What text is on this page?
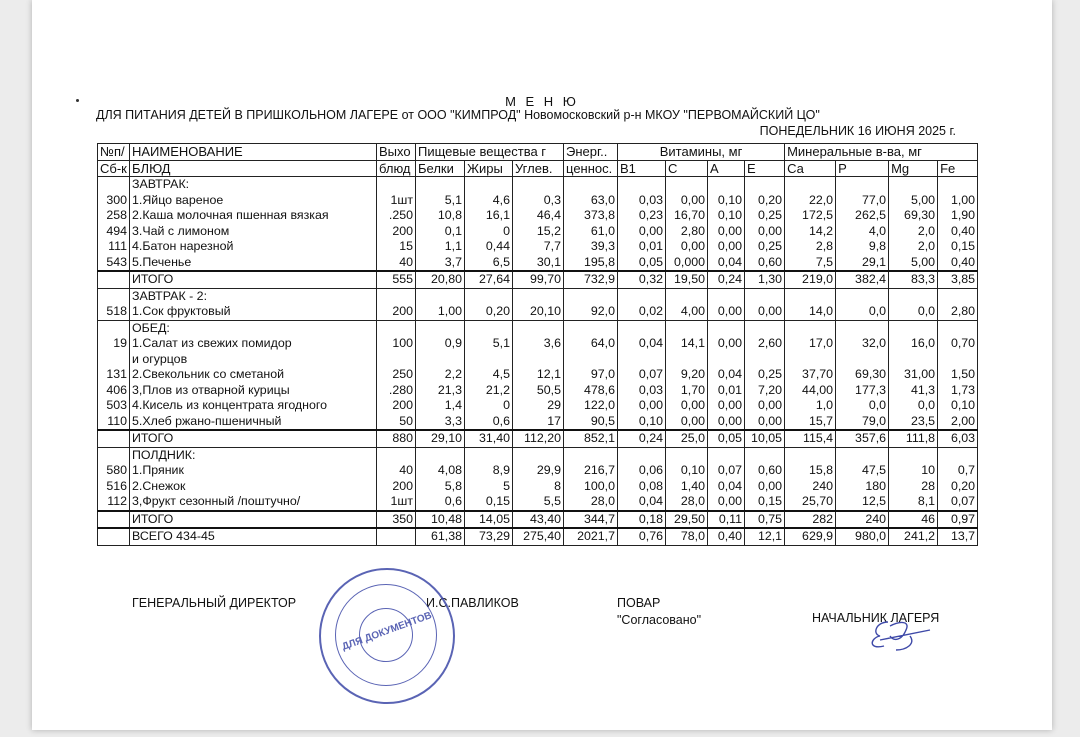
М Е Н Ю
ДЛЯ ПИТАНИЯ ДЕТЕЙ В ПРИШКОЛЬНОМ ЛАГЕРЕ от ООО "КИМПРОД" Новомосковский р-н МКОУ "ПЕРВОМАЙСКИЙ ЦО"
ПОНЕДЕЛЬНИК 16 ИЮНЯ 2025 г.
№п/	НАИМЕНОВАНИЕ	Выхо	Пищевые вещества г			Энерг..	Витамины, мг				Минеральные в-ва, мг			
Сб-к	БЛЮД	блюд	Белки	Жиры	Углев.	ценнос.	В1	С	А	Е	Са	Р	Mg	Fe
	ЗАВТРАК:													
300	1.Яйцо вареное	1шт	5,1	4,6	0,3	63,0	0,03	0,00	0,10	0,20	22,0	77,0	5,00	1,00
258	2.Каша молочная пшенная вязкая	.250	10,8	16,1	46,4	373,8	0,23	16,70	0,10	0,25	172,5	262,5	69,30	1,90
494	3.Чай с лимоном	200	0,1	0	15,2	61,0	0,00	2,80	0,00	0,00	14,2	4,0	2,0	0,40
111	4.Батон нарезной	15	1,1	0,44	7,7	39,3	0,01	0,00	0,00	0,25	2,8	9,8	2,0	0,15
543	5.Печенье	40	3,7	6,5	30,1	195,8	0,05	0,000	0,04	0,60	7,5	29,1	5,00	0,40
	ИТОГО	555	20,80	27,64	99,70	732,9	0,32	19,50	0,24	1,30	219,0	382,4	83,3	3,85
	ЗАВТРАК - 2:													
518	1.Сок фруктовый	200	1,00	0,20	20,10	92,0	0,02	4,00	0,00	0,00	14,0	0,0	0,0	2,80
	ОБЕД:													
19	1.Салат из свежих помидор	100	0,9	5,1	3,6	64,0	0,04	14,1	0,00	2,60	17,0	32,0	16,0	0,70
	и огурцов													
131	2.Свекольник со сметаной	250	2,2	4,5	12,1	97,0	0,07	9,20	0,04	0,25	37,70	69,30	31,00	1,50
406	3,Плов из отварной курицы	.280	21,3	21,2	50,5	478,6	0,03	1,70	0,01	7,20	44,00	177,3	41,3	1,73
503	4.Кисель из концентрата ягодного	200	1,4	0	29	122,0	0,00	0,00	0,00	0,00	1,0	0,0	0,0	0,10
110	5.Хлеб ржано-пшеничный	50	3,3	0,6	17	90,5	0,10	0,00	0,00	0,00	15,7	79,0	23,5	2,00
	ИТОГО	880	29,10	31,40	112,20	852,1	0,24	25,0	0,05	10,05	115,4	357,6	111,8	6,03
	ПОЛДНИК:													
580	1.Пряник	40	4,08	8,9	29,9	216,7	0,06	0,10	0,07	0,60	15,8	47,5	10	0,7
516	2.Снежок	200	5,8	5	8	100,0	0,08	1,40	0,04	0,00	240	180	28	0,20
112	3,Фрукт сезонный /поштучно/	1шт	0,6	0,15	5,5	28,0	0,04	28,0	0,00	0,15	25,70	12,5	8,1	0,07
	ИТОГО	350	10,48	14,05	43,40	344,7	0,18	29,50	0,11	0,75	282	240	46	0,97
	ВСЕГО 434-45		61,38	73,29	275,40	2021,7	0,76	78,0	0,40	12,1	629,9	980,0	241,2	13,7
ГЕНЕРАЛЬНЫЙ ДИРЕКТОР	И.С.ПАВЛИКОВ	ПОВАР
"Согласовано"	НАЧАЛЬНИК ЛАГЕРЯ
ДЛЯ ДОКУМЕНТОВ
